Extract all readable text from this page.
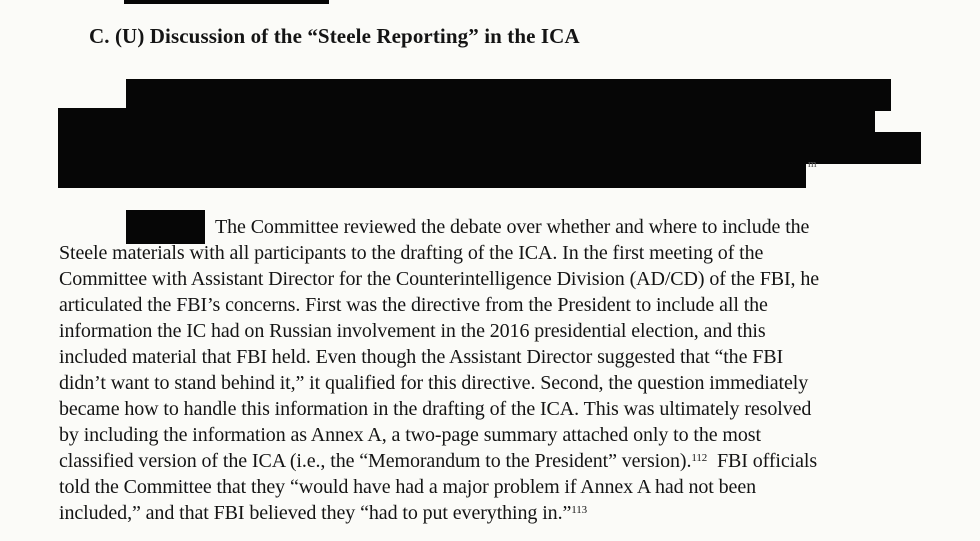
C. (U) Discussion of the “Steele Reporting” in the ICA
m
The Committee reviewed the debate over whether and where to include the
Steele materials with all participants to the drafting of the ICA. In the first meeting of the
Committee with Assistant Director for the Counterintelligence Division (AD/CD) of the FBI, he
articulated the FBI’s concerns. First was the directive from the President to include all the
information the IC had on Russian involvement in the 2016 presidential election, and this
included material that FBI held. Even though the Assistant Director suggested that “the FBI
didn’t want to stand behind it,” it qualified for this directive. Second, the question immediately
became how to handle this information in the drafting of the ICA. This was ultimately resolved
by including the information as Annex A, a two-page summary attached only to the most
classified version of the ICA (i.e., the “Memorandum to the President” version).$^{112}$ FBI officials
told the Committee that they “would have had a major problem if Annex A had not been
included,” and that FBI believed they “had to put everything in.”$^{113}$
